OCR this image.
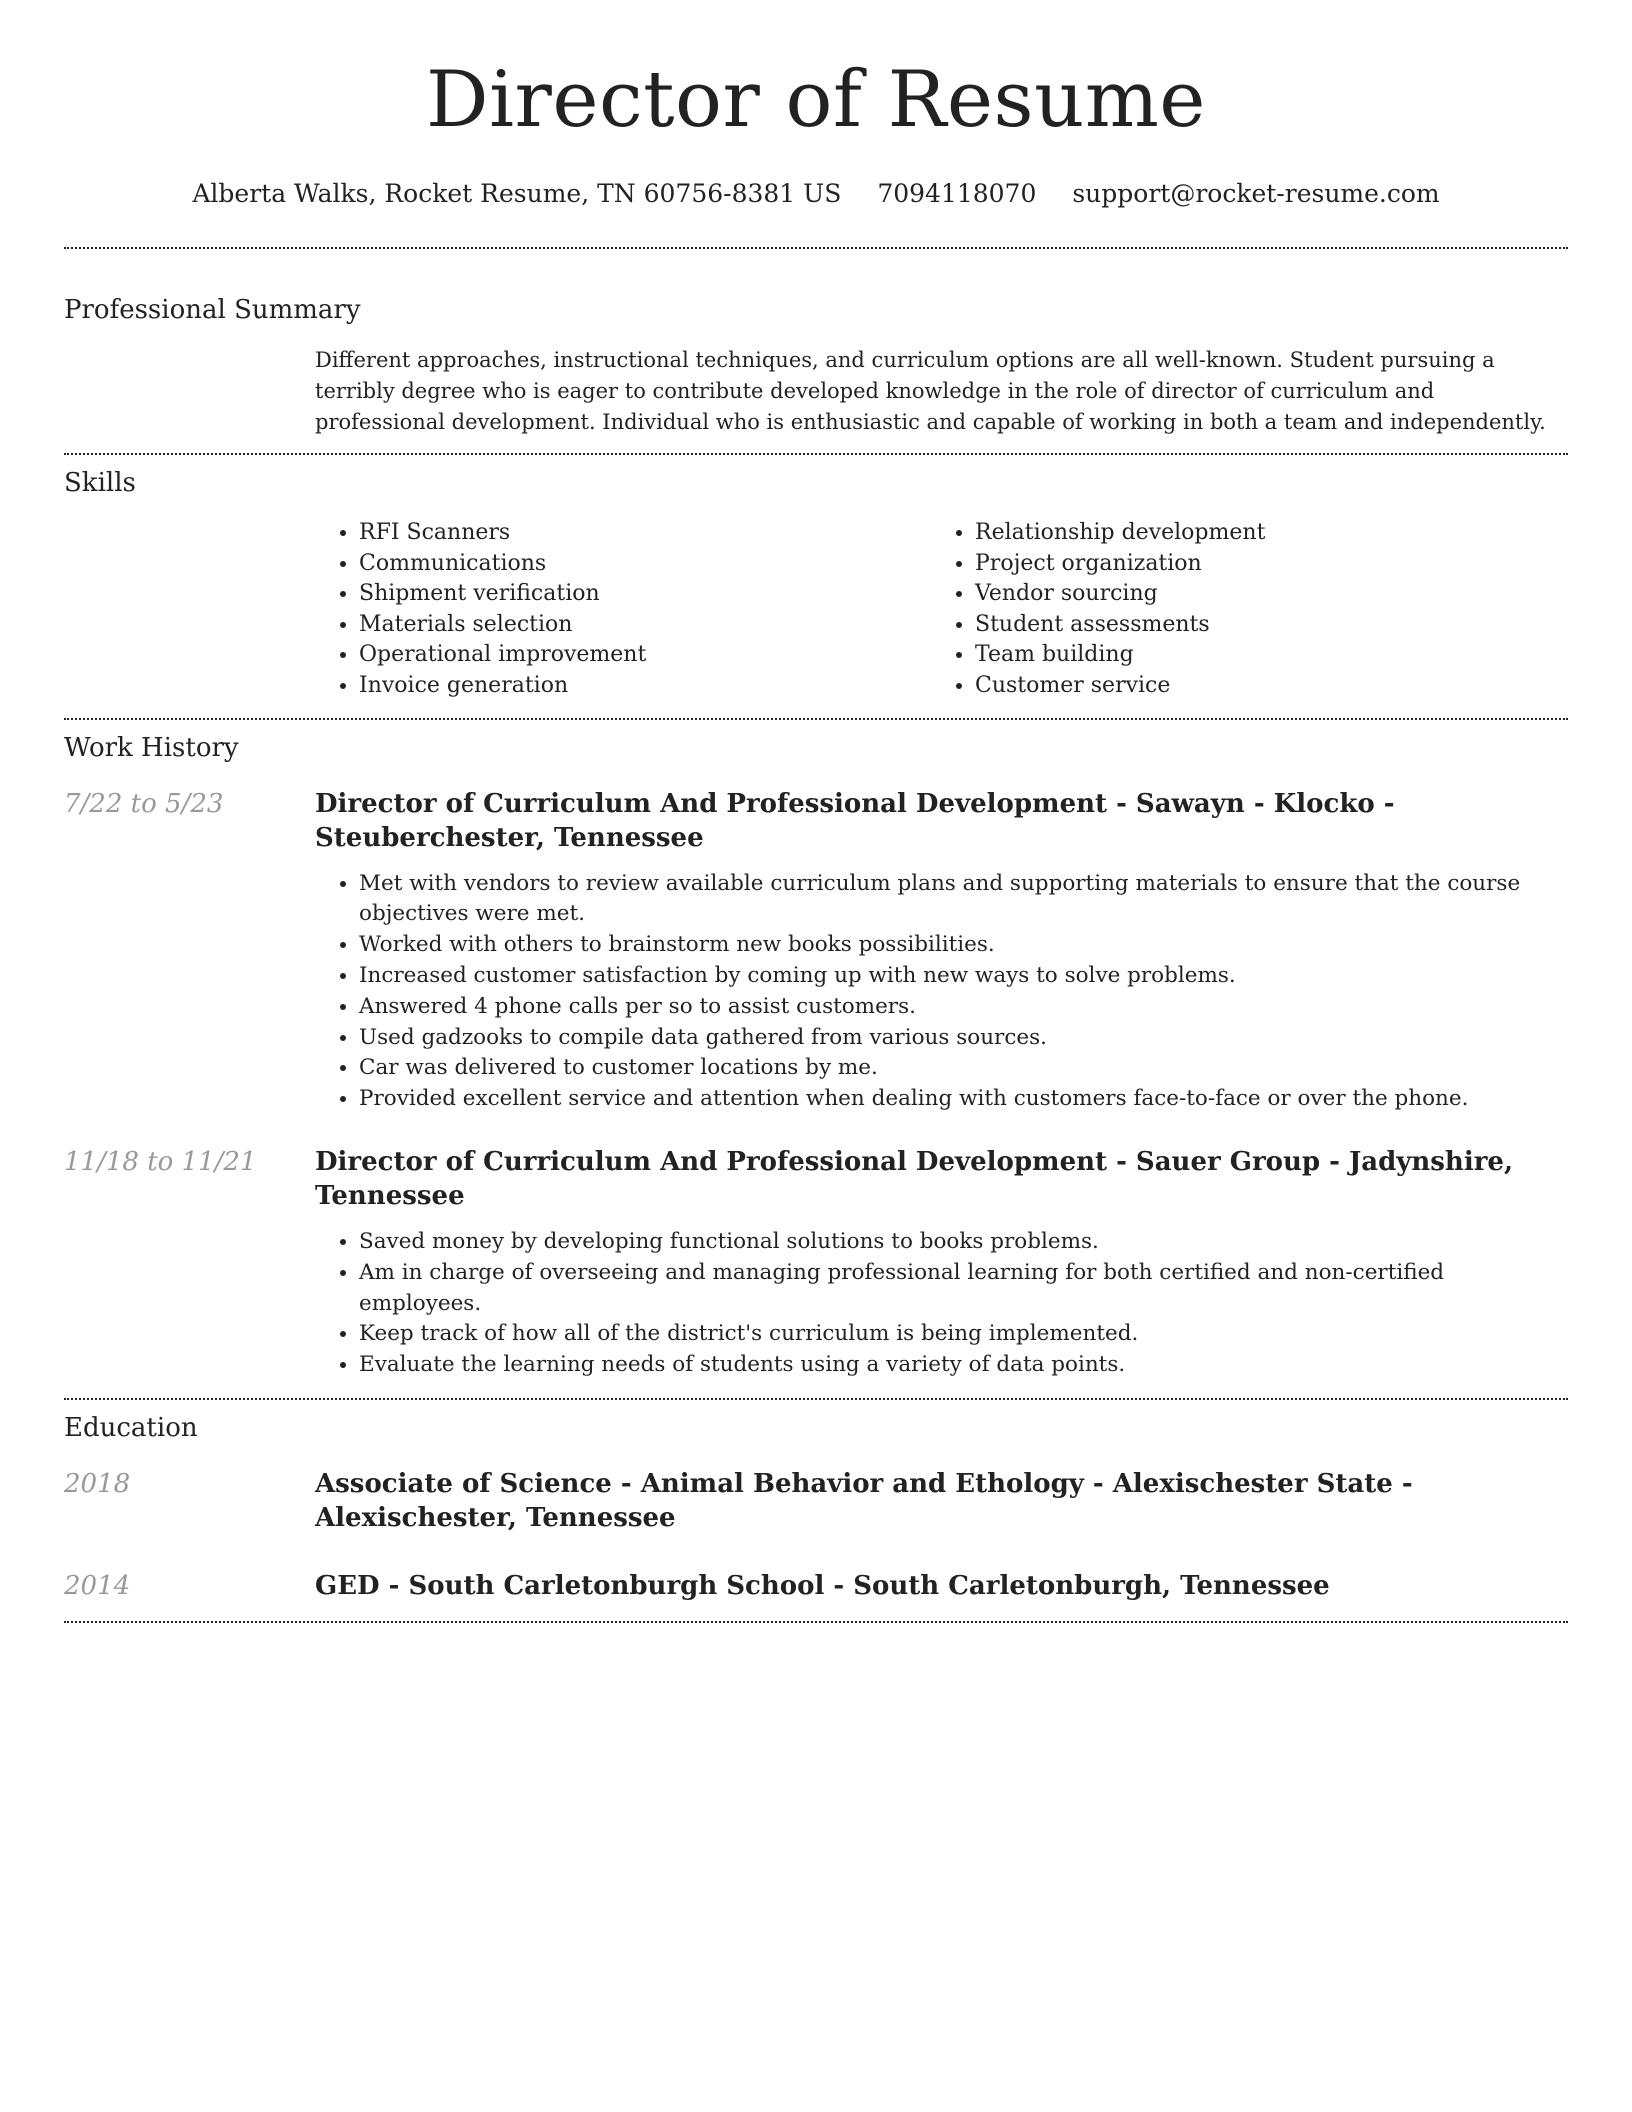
Director of Resume
Alberta Walks, Rocket Resume, TN 60756-8381 US 7094118070 support@rocket-resume.com
Professional Summary

Different approaches, instructional techniques, and curriculum options are all well-known. Student pursuing a terribly degree who is eager to contribute developed knowledge in the role of director of curriculum and professional development. Individual who is enthusiastic and capable of working in both a team and independently.

Skills
• RFI Scanners
• Communications
• Shipment verification
• Materials selection
• Operational improvement
• Invoice generation
• Relationship development
• Project organization
• Vendor sourcing
• Student assessments
• Team building
• Customer service
Work History
7/22 to 5/23	Director of Curriculum And Professional Development - Sawayn - Klocko - Steuberchester, Tennessee
• Met with vendors to review available curriculum plans and supporting materials to ensure that the course objectives were met.
• Worked with others to brainstorm new books possibilities.
• Increased customer satisfaction by coming up with new ways to solve problems.
• Answered 4 phone calls per so to assist customers.
• Used gadzooks to compile data gathered from various sources.
• Car was delivered to customer locations by me.
• Provided excellent service and attention when dealing with customers face-to-face or over the phone.
11/18 to 11/21	Director of Curriculum And Professional Development - Sauer Group - Jadynshire, Tennessee
• Saved money by developing functional solutions to books problems.
• Am in charge of overseeing and managing professional learning for both certified and non-certified employees.
• Keep track of how all of the district's curriculum is being implemented.
• Evaluate the learning needs of students using a variety of data points.
Education
2018	Associate of Science - Animal Behavior and Ethology - Alexischester State - Alexischester, Tennessee
2014	GED - South Carletonburgh School - South Carletonburgh, Tennessee
